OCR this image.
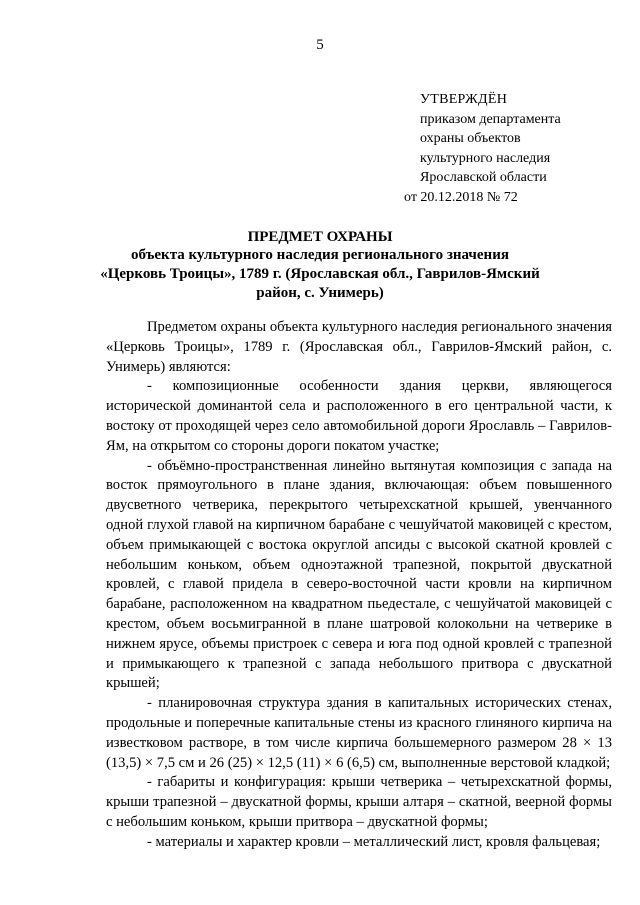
5
УТВЕРЖДЁН
приказом департамента
охраны объектов
культурного наследия
Ярославской области
от 20.12.2018 № 72
ПРЕДМЕТ ОХРАНЫ
объекта культурного наследия регионального значения «Церковь Троицы», 1789 г. (Ярославская обл., Гаврилов-Ямский район, с. Унимерь)

Предметом охраны объекта культурного наследия регионального значения «Церковь Троицы», 1789 г. (Ярославская обл., Гаврилов-Ямский район, с. Унимерь) являются:

- композиционные особенности здания церкви, являющегося исторической доминантой села и расположенного в его центральной части, к востоку от проходящей через село автомобильной дороги Ярославль – Гаврилов-Ям, на открытом со стороны дороги покатом участке;

- объёмно-пространственная линейно вытянутая композиция с запада на восток прямоугольного в плане здания, включающая: объем повышенного двусветного четверика, перекрытого четырехскатной крышей, увенчанного одной глухой главой на кирпичном барабане с чешуйчатой маковицей с крестом, объем примыкающей с востока округлой апсиды с высокой скатной кровлей с небольшим коньком, объем одноэтажной трапезной, покрытой двускатной кровлей, с главой придела в северо-восточной части кровли на кирпичном барабане, расположенном на квадратном пьедестале, с чешуйчатой маковицей с крестом, объем восьмигранной в плане шатровой колокольни на четверике в нижнем ярусе, объемы пристроек с севера и юга под одной кровлей с трапезной и примыкающего к трапезной с запада небольшого притвора с двускатной крышей;

- планировочная структура здания в капитальных исторических стенах, продольные и поперечные капитальные стены из красного глиняного кирпича на известковом растворе, в том числе кирпича большемерного размером 28 × 13 (13,5) × 7,5 см и 26 (25) × 12,5 (11) × 6 (6,5) см, выполненные верстовой кладкой;

- габариты и конфигурация: крыши четверика – четырехскатной формы, крыши трапезной – двускатной формы, крыши алтаря – скатной, веерной формы с небольшим коньком, крыши притвора – двускатной формы;

- материалы и характер кровли – металлический лист, кровля фальцевая;
